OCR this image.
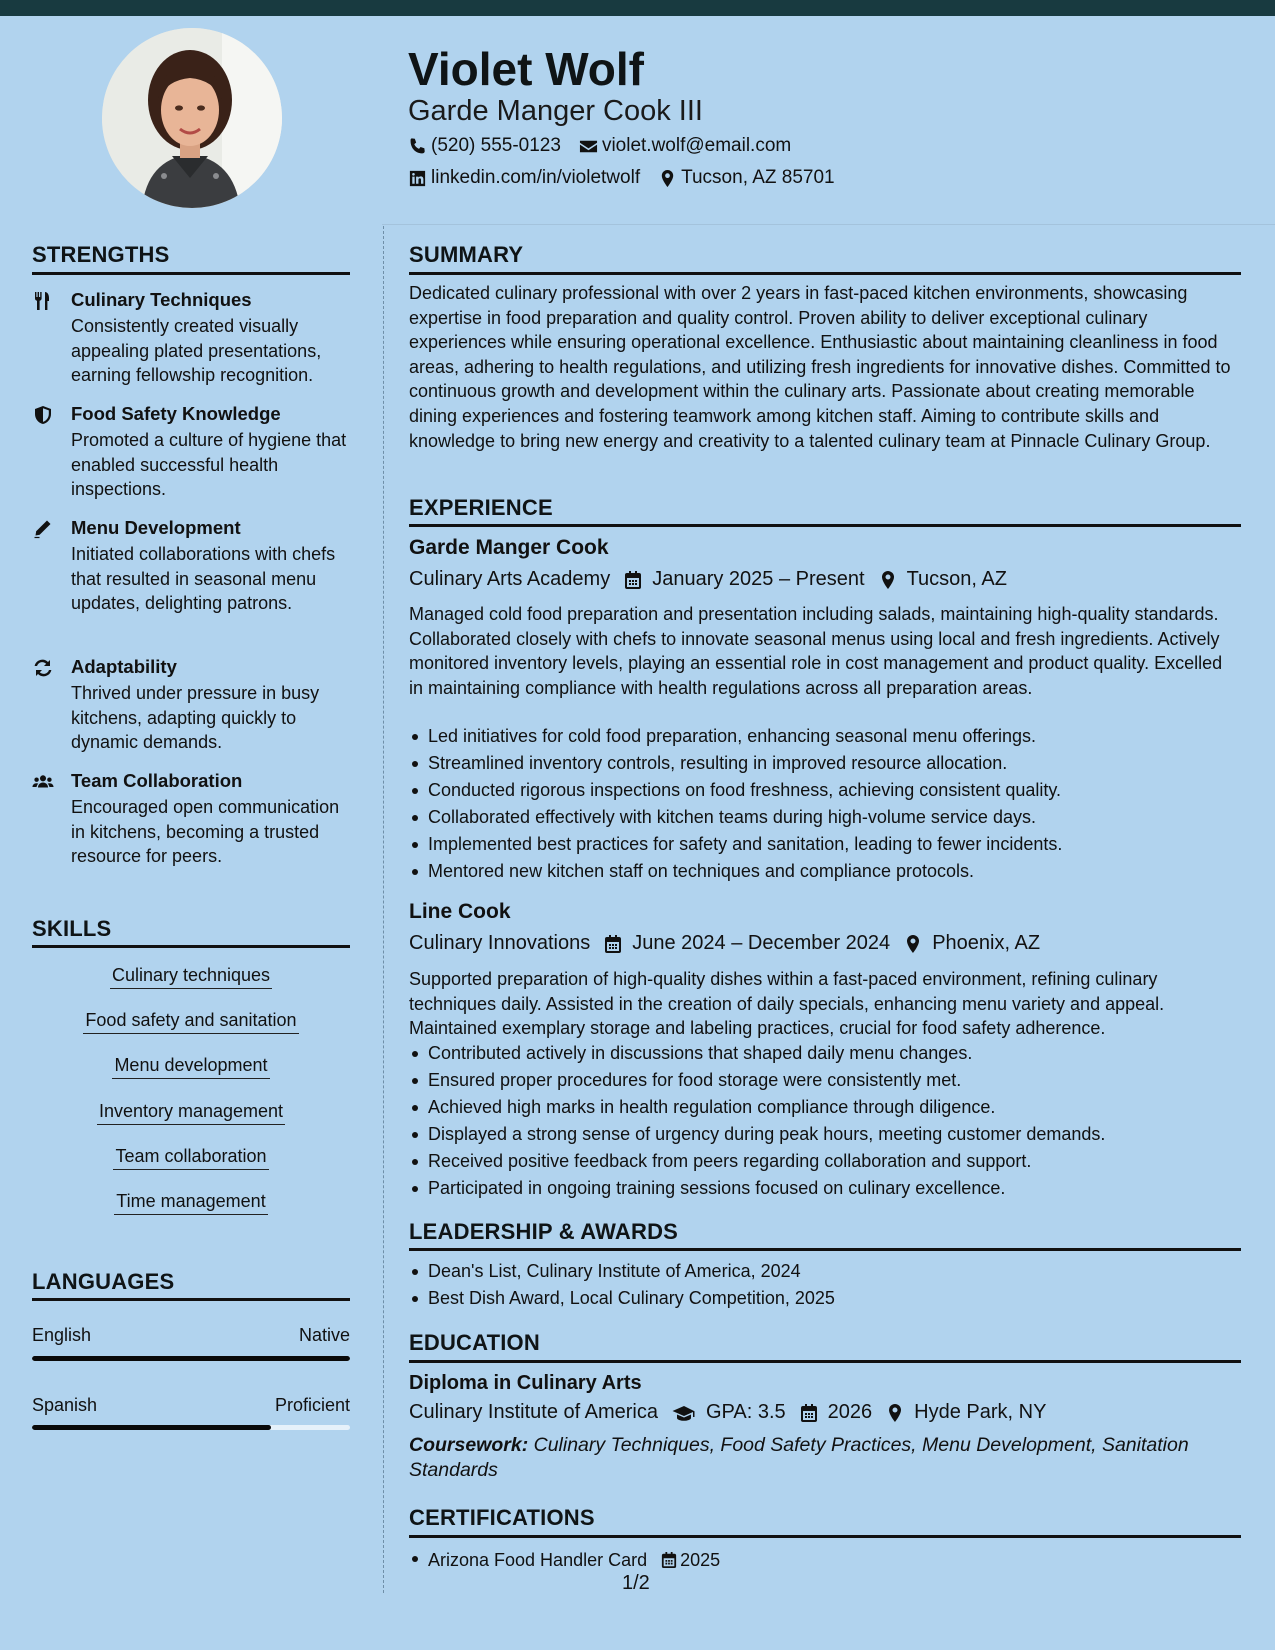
Violet Wolf
Garde Manger Cook III
(520) 555-0123 violet.wolf@email.com
linkedin.com/in/violetwolf Tucson, AZ 85701
STRENGTHS
Culinary Techniques
Consistently created visually appealing plated presentations, earning fellowship recognition.
Food Safety Knowledge
Promoted a culture of hygiene that enabled successful health inspections.
Menu Development
Initiated collaborations with chefs that resulted in seasonal menu updates, delighting patrons.
Adaptability
Thrived under pressure in busy kitchens, adapting quickly to dynamic demands.
Team Collaboration
Encouraged open communication in kitchens, becoming a trusted resource for peers.
SKILLS
Culinary techniques
Food safety and sanitation
Menu development
Inventory management
Team collaboration
Time management
LANGUAGES
English	Native
Spanish	Proficient
SUMMARY
Dedicated culinary professional with over 2 years in fast-paced kitchen environments, showcasing expertise in food preparation and quality control. Proven ability to deliver exceptional culinary experiences while ensuring operational excellence. Enthusiastic about maintaining cleanliness in food areas, adhering to health regulations, and utilizing fresh ingredients for innovative dishes. Committed to continuous growth and development within the culinary arts. Passionate about creating memorable dining experiences and fostering teamwork among kitchen staff. Aiming to contribute skills and knowledge to bring new energy and creativity to a talented culinary team at Pinnacle Culinary Group.
EXPERIENCE
Garde Manger Cook
Culinary Arts Academy January 2025 – Present Tucson, AZ
Managed cold food preparation and presentation including salads, maintaining high-quality standards. Collaborated closely with chefs to innovate seasonal menus using local and fresh ingredients. Actively monitored inventory levels, playing an essential role in cost management and product quality. Excelled in maintaining compliance with health regulations across all preparation areas.
Led initiatives for cold food preparation, enhancing seasonal menu offerings.
Streamlined inventory controls, resulting in improved resource allocation.
Conducted rigorous inspections on food freshness, achieving consistent quality.
Collaborated effectively with kitchen teams during high-volume service days.
Implemented best practices for safety and sanitation, leading to fewer incidents.
Mentored new kitchen staff on techniques and compliance protocols.
Line Cook
Culinary Innovations June 2024 – December 2024 Phoenix, AZ
Supported preparation of high-quality dishes within a fast-paced environment, refining culinary techniques daily. Assisted in the creation of daily specials, enhancing menu variety and appeal. Maintained exemplary storage and labeling practices, crucial for food safety adherence.
Contributed actively in discussions that shaped daily menu changes.
Ensured proper procedures for food storage were consistently met.
Achieved high marks in health regulation compliance through diligence.
Displayed a strong sense of urgency during peak hours, meeting customer demands.
Received positive feedback from peers regarding collaboration and support.
Participated in ongoing training sessions focused on culinary excellence.
LEADERSHIP & AWARDS
Dean's List, Culinary Institute of America, 2024
Best Dish Award, Local Culinary Competition, 2025
EDUCATION
Diploma in Culinary Arts
Culinary Institute of America GPA: 3.5 2026 Hyde Park, NY
Coursework: Culinary Techniques, Food Safety Practices, Menu Development, Sanitation Standards
CERTIFICATIONS
Arizona Food Handler Card 2025
1/2
